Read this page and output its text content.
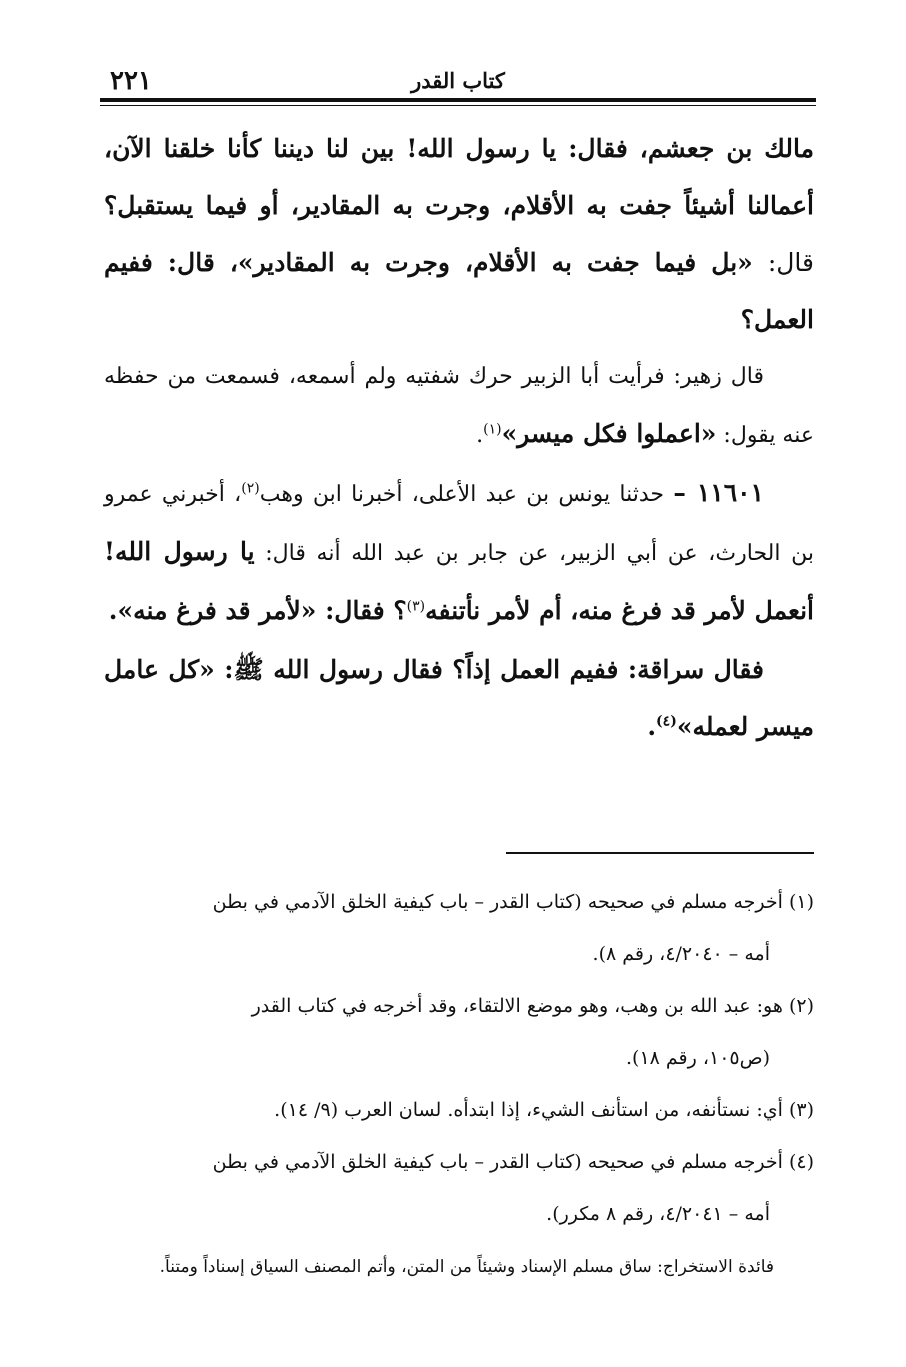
٢٢١	كتاب القدر

مالك بن جعشم، فقال: يا رسول الله! بين لنا ديننا كأنا خلقنا الآن، أعمالنا أشيئاً جفت به الأقلام، وجرت به المقادير، أو فيما يستقبل؟ قال: «بل فيما جفت به الأقلام، وجرت به المقادير»، قال: ففيم العمل؟

قال زهير: فرأيت أبا الزبير حرك شفتيه ولم أسمعه، فسمعت من حفظه عنه يقول: «اعملوا فكل ميسر»$^{(١)}$.

١١٦٠١ – حدثنا يونس بن عبد الأعلى، أخبرنا ابن وهب$^{(٢)}$، أخبرني عمرو بن الحارث، عن أبي الزبير، عن جابر بن عبد الله أنه قال: يا رسول الله! أنعمل لأمر قد فرغ منه، أم لأمر نأتنفه$^{(٣)}$؟ فقال: «لأمر قد فرغ منه».

فقال سراقة: ففيم العمل إذاً؟ فقال رسول الله ﷺ: «كل عامل ميسر لعمله»$^{(٤)}$.

(١) أخرجه مسلم في صحيحه (كتاب القدر – باب كيفية الخلق الآدمي في بطن
أمه – ٤/٢٠٤٠، رقم ٨).

(٢) هو: عبد الله بن وهب، وهو موضع الالتقاء، وقد أخرجه في كتاب القدر
(ص١٠٥، رقم ١٨).

(٣) أي: نستأنفه، من استأنف الشيء، إذا ابتدأه. لسان العرب (٩/ ١٤).

(٤) أخرجه مسلم في صحيحه (كتاب القدر – باب كيفية الخلق الآدمي في بطن
أمه – ٤/٢٠٤١، رقم ٨ مكرر).

فائدة الاستخراج: ساق مسلم الإسناد وشيئاً من المتن، وأتم المصنف السياق إسناداً ومتناً.
